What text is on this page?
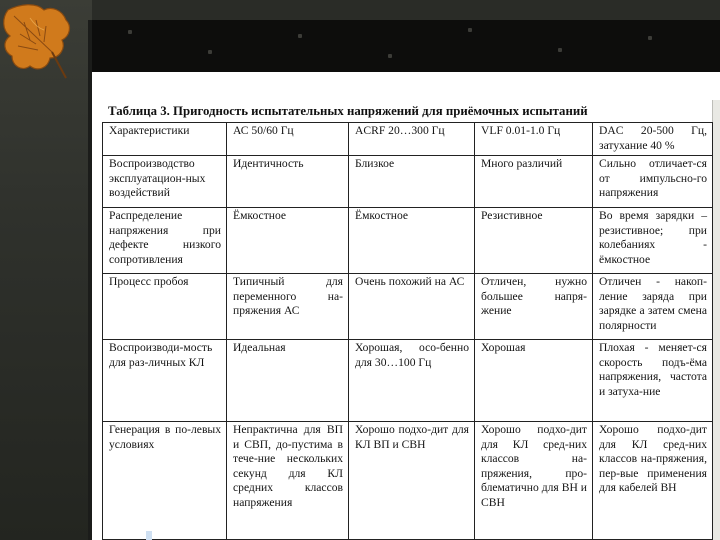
Таблица 3. Пригодность испытательных напряжений для приёмочных испытаний
Характеристики	АС 50/60 Гц	ACRF 20…300 Гц	VLF 0.01-1.0 Гц	DAC 20-500 Гц, затухание 40 %
Воспроизводство эксплуатацион-ных воздействий	Идентичность	Близкое	Много различий	Сильно отличает-ся от импульсно-го напряжения
Распределение напряжения при дефекте низкого сопротивления	Ёмкостное	Ёмкостное	Резистивное	Во время зарядки – резистивное; при колебаниях - ёмкостное
Процесс пробоя	Типичный для переменного на-пряжения АС	Очень похожий на АС	Отличен, нужно большее напря-жение	Отличен - накоп-ление заряда при зарядке а затем смена полярности
Воспроизводи-мость для раз-личных КЛ	Идеальная	Хорошая, осо-бенно для 30…100 Гц	Хорошая	Плохая - меняет-ся скорость подъ-ёма напряжения, частота и затуха-ние
Генерация в по-левых условиях	Непрактична для ВП и СВП, до-пустима в тече-ние нескольких секунд для КЛ средних классов напряжения	Хорошо подхо-дит для КЛ ВП и СВН	Хорошо подхо-дит для КЛ сред-них классов на-пряжения, про-блематично для ВН и СВН	Хорошо подхо-дит для КЛ сред-них классов на-пряжения, пер-вые применения для кабелей ВН
